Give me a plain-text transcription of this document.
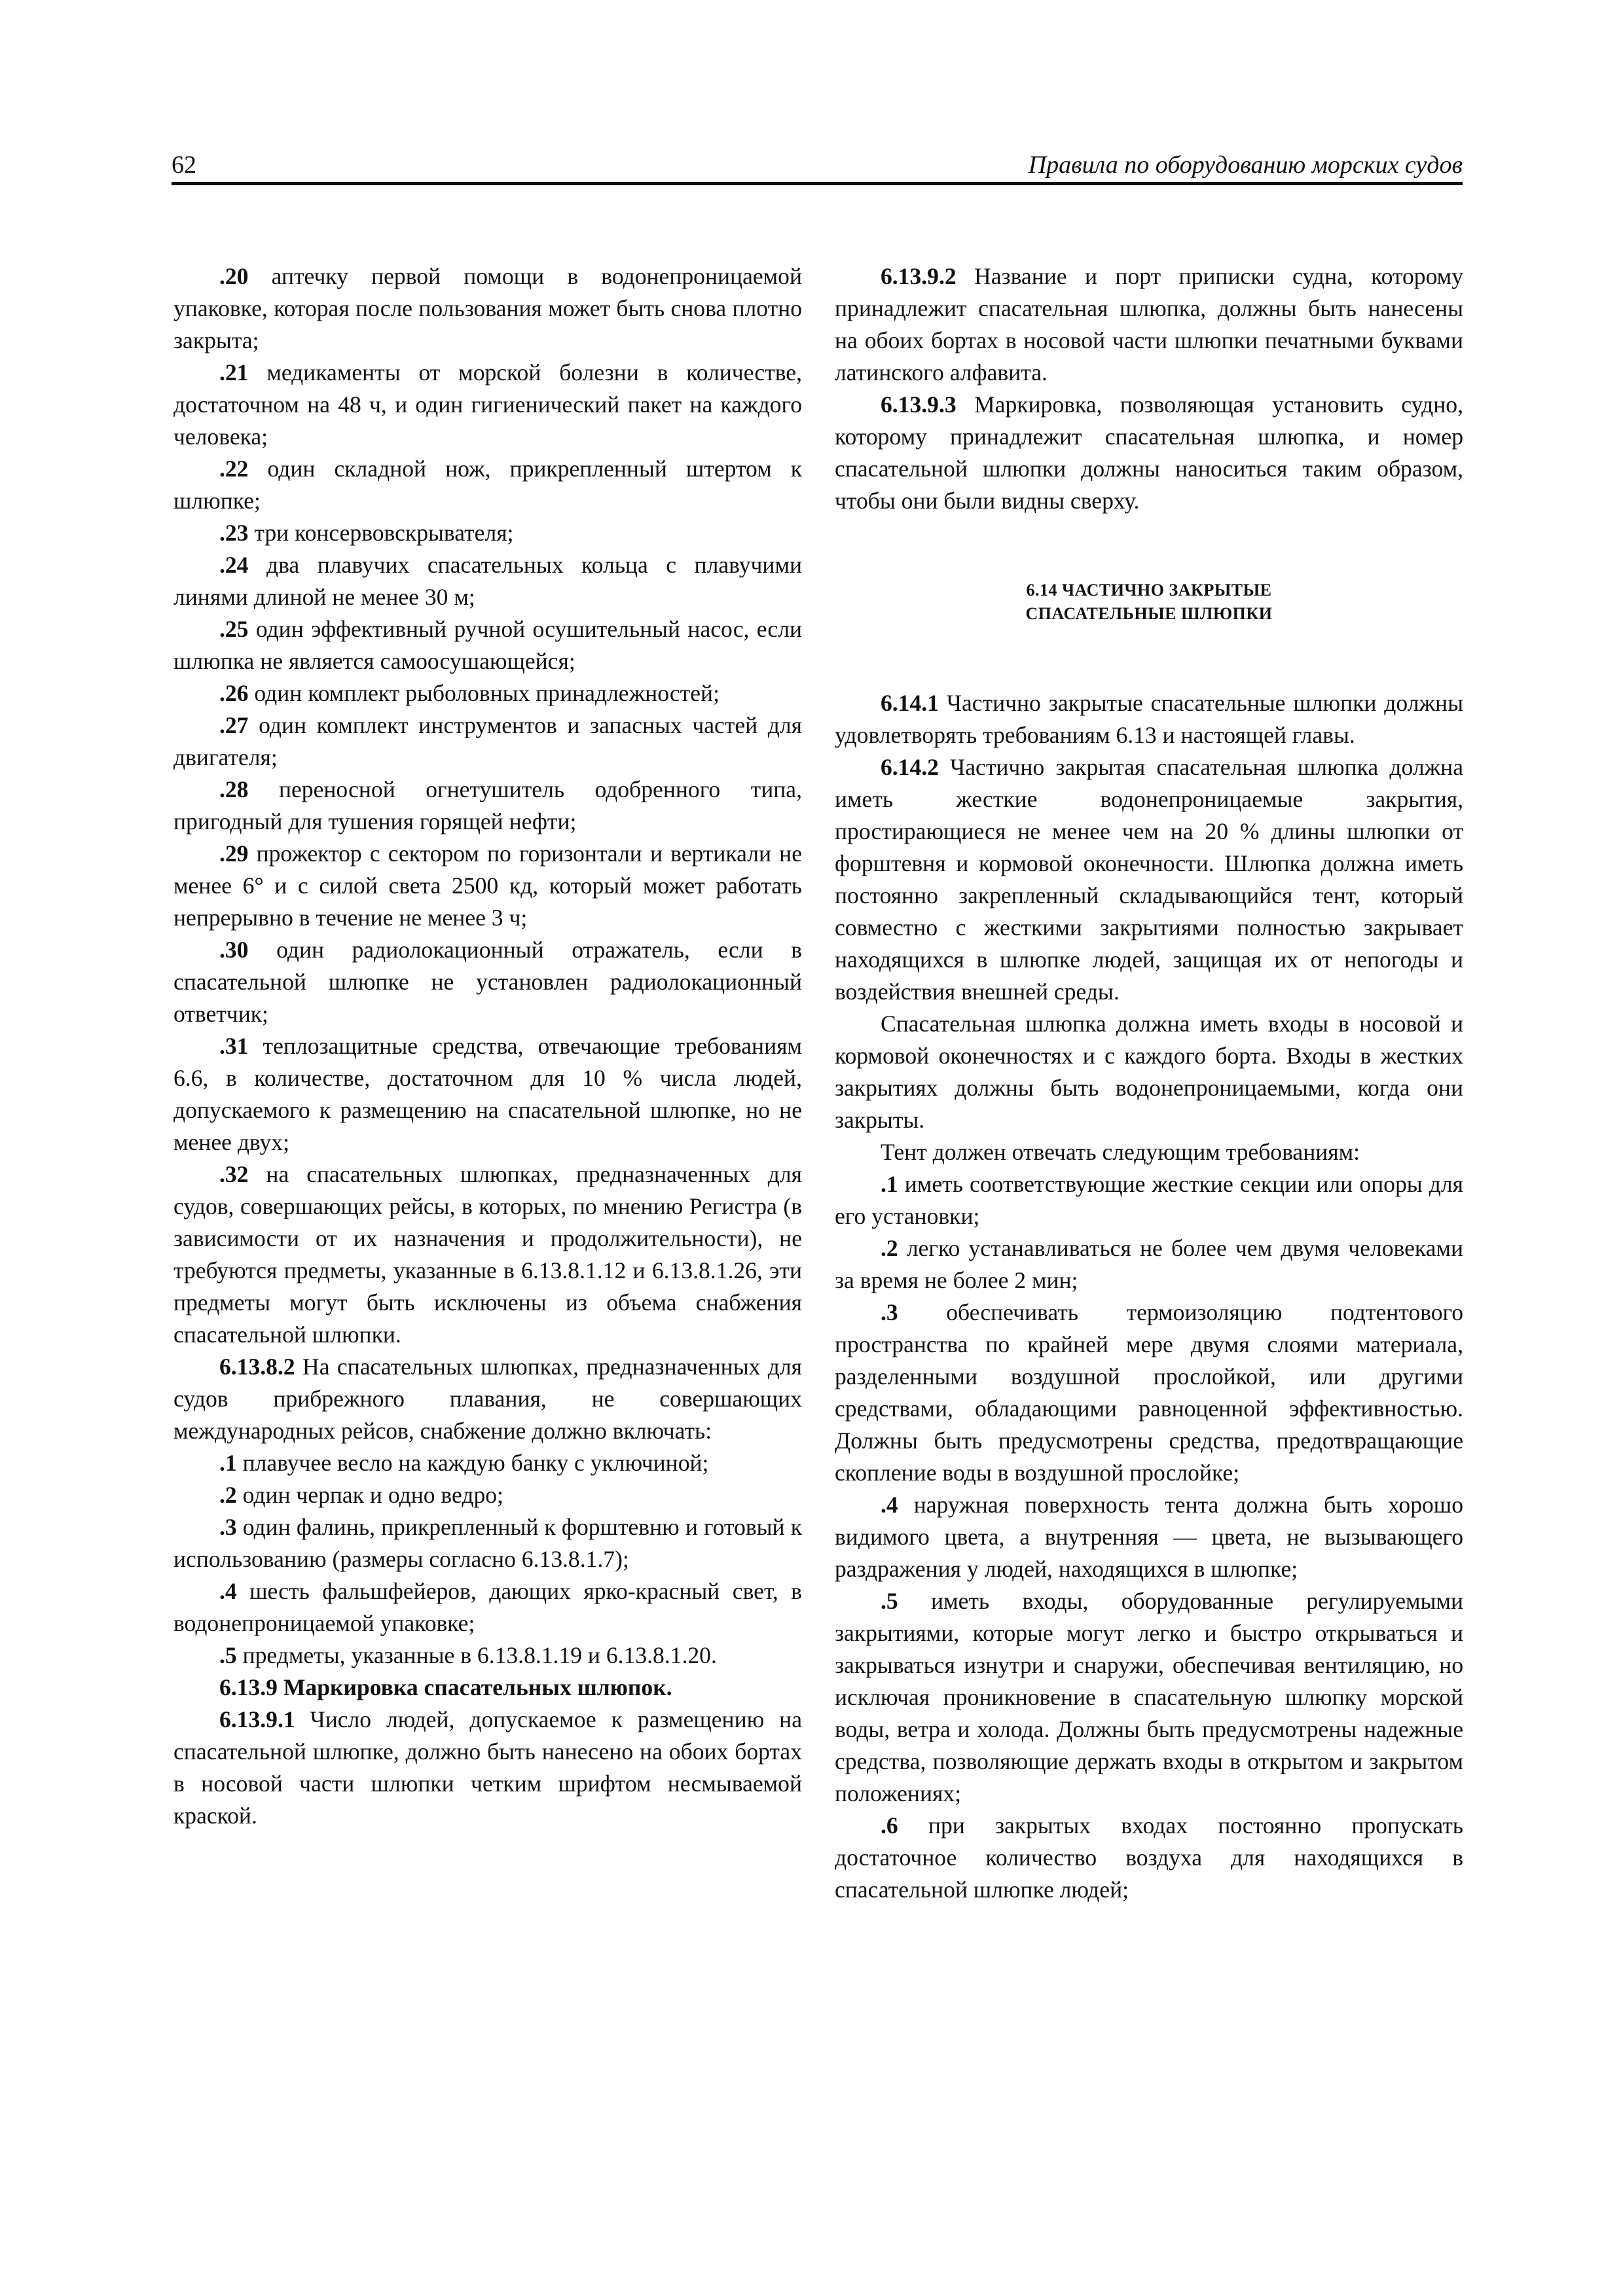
62	Правила по оборудованию морских судов

.20 аптечку первой помощи в водонепроницаемой упаковке, которая после пользования может быть снова плотно закрыта;

.21 медикаменты от морской болезни в количестве, достаточном на 48 ч, и один гигиенический пакет на каждого человека;

.22 один складной нож, прикрепленный штертом к шлюпке;

.23 три консервовскрывателя;

.24 два плавучих спасательных кольца с плавучими линями длиной не менее 30 м;

.25 один эффективный ручной осушительный насос, если шлюпка не является самоосушающейся;

.26 один комплект рыболовных принадлежностей;

.27 один комплект инструментов и запасных частей для двигателя;

.28 переносной огнетушитель одобренного типа, пригодный для тушения горящей нефти;

.29 прожектор с сектором по горизонтали и вертикали не менее 6° и с силой света 2500 кд, который может работать непрерывно в течение не менее 3 ч;

.30 один радиолокационный отражатель, если в спасательной шлюпке не установлен радиолокационный ответчик;

.31 теплозащитные средства, отвечающие требованиям 6.6, в количестве, достаточном для 10 % числа людей, допускаемого к размещению на спасательной шлюпке, но не менее двух;

.32 на спасательных шлюпках, предназначенных для судов, совершающих рейсы, в которых, по мнению Регистра (в зависимости от их назначения и продолжительности), не требуются предметы, указанные в 6.13.8.1.12 и 6.13.8.1.26, эти предметы могут быть исключены из объема снабжения спасательной шлюпки.

6.13.8.2 На спасательных шлюпках, предназначенных для судов прибрежного плавания, не совершающих международных рейсов, снабжение должно включать:

.1 плавучее весло на каждую банку с уключиной;

.2 один черпак и одно ведро;

.3 один фалинь, прикрепленный к форштевню и готовый к использованию (размеры согласно 6.13.8.1.7);

.4 шесть фальшфейеров, дающих ярко-красный свет, в водонепроницаемой упаковке;

.5 предметы, указанные в 6.13.8.1.19 и 6.13.8.1.20.

6.13.9 Маркировка спасательных шлюпок.

6.13.9.1 Число людей, допускаемое к размещению на спасательной шлюпке, должно быть нанесено на обоих бортах в носовой части шлюпки четким шрифтом несмываемой краской.

6.13.9.2 Название и порт приписки судна, которому принадлежит спасательная шлюпка, должны быть нанесены на обоих бортах в носовой части шлюпки печатными буквами латинского алфавита.

6.13.9.3 Маркировка, позволяющая установить судно, которому принадлежит спасательная шлюпка, и номер спасательной шлюпки должны наноситься таким образом, чтобы они были видны сверху.

6.14 ЧАСТИЧНО ЗАКРЫТЫЕ
СПАСАТЕЛЬНЫЕ ШЛЮПКИ

6.14.1 Частично закрытые спасательные шлюпки должны удовлетворять требованиям 6.13 и настоящей главы.

6.14.2 Частично закрытая спасательная шлюпка должна иметь жесткие водонепроницаемые закрытия, простирающиеся не менее чем на 20 % длины шлюпки от форштевня и кормовой оконечности. Шлюпка должна иметь постоянно закрепленный складывающийся тент, который совместно с жесткими закрытиями полностью закрывает находящихся в шлюпке людей, защищая их от непогоды и воздействия внешней среды.

Спасательная шлюпка должна иметь входы в носовой и кормовой оконечностях и с каждого борта. Входы в жестких закрытиях должны быть водонепроницаемыми, когда они закрыты.

Тент должен отвечать следующим требованиям:

.1 иметь соответствующие жесткие секции или опоры для его установки;

.2 легко устанавливаться не более чем двумя человеками за время не более 2 мин;

.3 обеспечивать термоизоляцию подтентового пространства по крайней мере двумя слоями материала, разделенными воздушной прослойкой, или другими средствами, обладающими равноценной эффективностью. Должны быть предусмотрены средства, предотвращающие скопление воды в воздушной прослойке;

.4 наружная поверхность тента должна быть хорошо видимого цвета, а внутренняя — цвета, не вызывающего раздражения у людей, находящихся в шлюпке;

.5 иметь входы, оборудованные регулируемыми закрытиями, которые могут легко и быстро открываться и закрываться изнутри и снаружи, обеспечивая вентиляцию, но исключая проникновение в спасательную шлюпку морской воды, ветра и холода. Должны быть предусмотрены надежные средства, позволяющие держать входы в открытом и закрытом положениях;

.6 при закрытых входах постоянно пропускать достаточное количество воздуха для находящихся в спасательной шлюпке людей;
